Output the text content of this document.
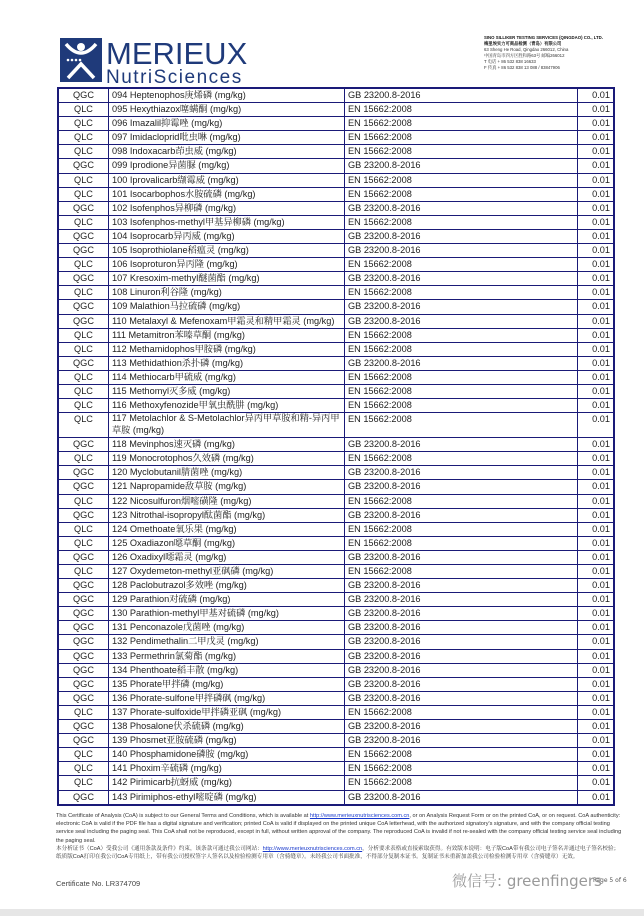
MERIEUX
NutriSciences
SINO SILLIKER TESTING SERVICES (QINGDAO) CO., LTD.
梅里埃实力可商品检测（青岛）有限公司
63 Sheng He Road, Qingdao 266012, China
中国青岛市四方区胜和路63号 邮编266012
T 电话 + 86 532 838 16633
F 传真 + 86 532 838 13 088 / 83847906
QGC	094 Heptenophos庚烯磷 (mg/kg)	GB 23200.8-2016	0.01
QLC	095 Hexythiazox噻螨酮 (mg/kg)	EN 15662:2008	0.01
QLC	096 Imazalil抑霉唑 (mg/kg)	EN 15662:2008	0.01
QLC	097 Imidacloprid吡虫啉 (mg/kg)	EN 15662:2008	0.01
QLC	098 Indoxacarb茚虫威 (mg/kg)	EN 15662:2008	0.01
QGC	099 Iprodione异菌脲 (mg/kg)	GB 23200.8-2016	0.01
QLC	100 Iprovalicarb缬霉威 (mg/kg)	EN 15662:2008	0.01
QLC	101 Isocarbophos水胺硫磷 (mg/kg)	EN 15662:2008	0.01
QGC	102 Isofenphos异柳磷 (mg/kg)	GB 23200.8-2016	0.01
QLC	103 Isofenphos-methyl甲基异柳磷 (mg/kg)	EN 15662:2008	0.01
QGC	104 Isoprocarb异丙威 (mg/kg)	GB 23200.8-2016	0.01
QGC	105 Isoprothiolane稻瘟灵 (mg/kg)	GB 23200.8-2016	0.01
QLC	106 Isoproturon异丙隆 (mg/kg)	EN 15662:2008	0.01
QGC	107 Kresoxim-methyl醚菌酯 (mg/kg)	GB 23200.8-2016	0.01
QLC	108 Linuron利谷隆 (mg/kg)	EN 15662:2008	0.01
QGC	109 Malathion马拉硫磷 (mg/kg)	GB 23200.8-2016	0.01
QGC	110 Metalaxyl & Mefenoxam甲霜灵和精甲霜灵 (mg/kg)	GB 23200.8-2016	0.01
QLC	111 Metamitron苯嗪草酮 (mg/kg)	EN 15662:2008	0.01
QLC	112 Methamidophos甲胺磷 (mg/kg)	EN 15662:2008	0.01
QGC	113 Methidathion杀扑磷 (mg/kg)	GB 23200.8-2016	0.01
QLC	114 Methiocarb甲硫威 (mg/kg)	EN 15662:2008	0.01
QLC	115 Methomyl灭多威 (mg/kg)	EN 15662:2008	0.01
QLC	116 Methoxyfenozide甲氧虫酰肼 (mg/kg)	EN 15662:2008	0.01
QLC	117 Metolachlor & S-Metolachlor异丙甲草胺和精-异丙甲草胺 (mg/kg)	EN 15662:2008	0.01
QGC	118 Mevinphos速灭磷 (mg/kg)	GB 23200.8-2016	0.01
QLC	119 Monocrotophos久效磷 (mg/kg)	EN 15662:2008	0.01
QGC	120 Myclobutanil腈菌唑 (mg/kg)	GB 23200.8-2016	0.01
QGC	121 Napropamide敌草胺 (mg/kg)	GB 23200.8-2016	0.01
QLC	122 Nicosulfuron烟嘧磺隆 (mg/kg)	EN 15662:2008	0.01
QGC	123 Nitrothal-isopropyl酞菌酯 (mg/kg)	GB 23200.8-2016	0.01
QLC	124 Omethoate氧乐果 (mg/kg)	EN 15662:2008	0.01
QLC	125 Oxadiazon噁草酮 (mg/kg)	EN 15662:2008	0.01
QGC	126 Oxadixyl噁霜灵 (mg/kg)	GB 23200.8-2016	0.01
QLC	127 Oxydemeton-methyl亚砜磷 (mg/kg)	EN 15662:2008	0.01
QGC	128 Paclobutrazol多效唑 (mg/kg)	GB 23200.8-2016	0.01
QGC	129 Parathion对硫磷 (mg/kg)	GB 23200.8-2016	0.01
QGC	130 Parathion-methyl甲基对硫磷 (mg/kg)	GB 23200.8-2016	0.01
QGC	131 Penconazole戊菌唑 (mg/kg)	GB 23200.8-2016	0.01
QGC	132 Pendimethalin二甲戊灵 (mg/kg)	GB 23200.8-2016	0.01
QGC	133 Permethrin氯菊酯 (mg/kg)	GB 23200.8-2016	0.01
QGC	134 Phenthoate稻丰散 (mg/kg)	GB 23200.8-2016	0.01
QGC	135 Phorate甲拌磷 (mg/kg)	GB 23200.8-2016	0.01
QGC	136 Phorate-sulfone甲拌磷砜 (mg/kg)	GB 23200.8-2016	0.01
QLC	137 Phorate-sulfoxide甲拌磷亚砜 (mg/kg)	EN 15662:2008	0.01
QGC	138 Phosalone伏杀硫磷 (mg/kg)	GB 23200.8-2016	0.01
QGC	139 Phosmet亚胺硫磷 (mg/kg)	GB 23200.8-2016	0.01
QLC	140 Phosphamidone磷胺 (mg/kg)	EN 15662:2008	0.01
QLC	141 Phoxim辛硫磷 (mg/kg)	EN 15662:2008	0.01
QLC	142 Pirimicarb抗蚜威 (mg/kg)	EN 15662:2008	0.01
QGC	143 Pirimiphos-ethyl嘧啶磷 (mg/kg)	GB 23200.8-2016	0.01
This Certificate of Analysis (CoA) is subject to our General Terms and Conditions, which is available at http://www.merieuxnutrisciences.com.cn, or on Analysis Request Form or on the printed CoA, or on request. CoA authenticity: electronic CoA is valid if the PDF file has a digital signature and verification; printed CoA is valid if displayed on the printed unique CoA letterhead, with the authorized signatory's signature, and with the company official testing service seal including the paging seal. This CoA shall not be reproduced, except in full, without written approval of the company. The reproduced CoA is invalid if not re-sealed with the company official testing service seal including the paging seal.
本分析证书（CoA）受我公司《通用条款及条件》约束，该条款可通过我公司网站：http://www.merieuxnutrisciences.com.cn，分析要求表格或直接索取获得。有效版本说明：电子版CoA带有我公司电子签名并通过电子签名校验；纸质版CoA打印在我公司CoA专用纸上，带有我公司授权签字人签名以及检验检测专用章（含骑缝章）。未经我公司书面批准，不得部分复制本证书。复制证书未重新加盖我公司检验检测专用章（含骑缝章）无效。
Certificate No. LR374709	Page 5 of 6
微信号: greenfingers
